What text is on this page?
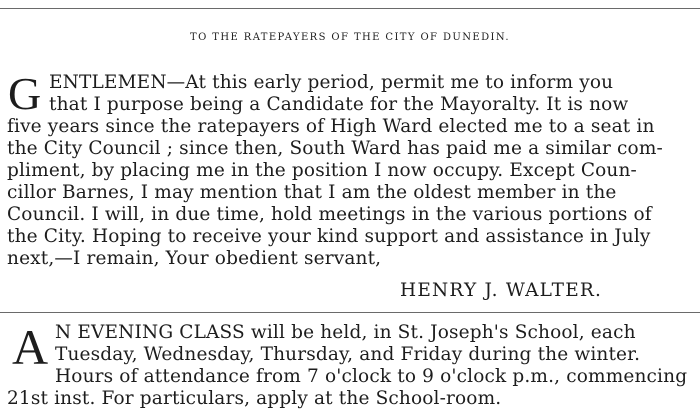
TO THE RATEPAYERS OF THE CITY OF DUNEDIN.
G ENTLEMEN—At this early period, permit me to inform you
that I purpose being a Candidate for the Mayoralty. It is now
five years since the ratepayers of High Ward elected me to a seat in
the City Council ; since then, South Ward has paid me a similar com-
pliment, by placing me in the position I now occupy. Except Coun-
cillor Barnes, I may mention that I am the oldest member in the
Council. I will, in due time, hold meetings in the various portions of
the City. Hoping to receive your kind support and assistance in July
next,—I remain, Your obedient servant,
HENRY J. WALTER.
A N EVENING CLASS will be held, in St. Joseph's School, each
Tuesday, Wednesday, Thursday, and Friday during the winter.
Hours of attendance from 7 o'clock to 9 o'clock p.m., commencing
21st inst. For particulars, apply at the School-room.
